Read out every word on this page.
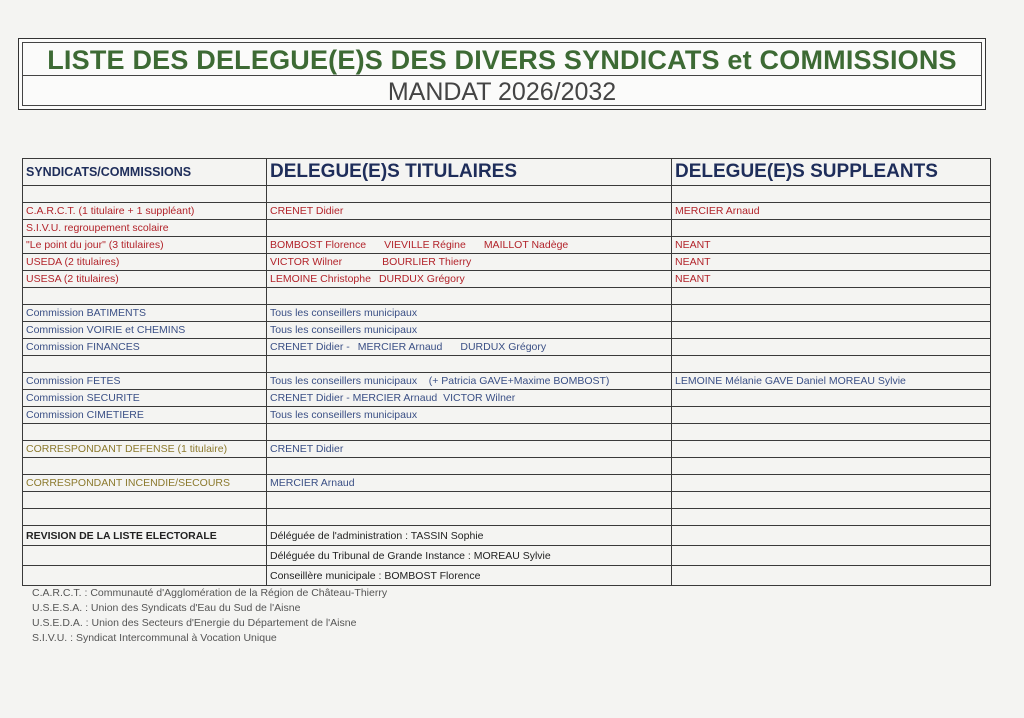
LISTE DES DELEGUE(E)S DES DIVERS SYNDICATS et COMMISSIONS
MANDAT 2026/2032
SYNDICATS/COMMISSIONS	DELEGUE(E)S TITULAIRES	DELEGUE(E)S SUPPLEANTS

C.A.R.C.T. (1 titulaire + 1 suppléant)	CRENET Didier	MERCIER Arnaud
S.I.V.U. regroupement scolaire		
"Le point du jour" (3 titulaires)	BOMBOST Florence VIEVILLE Régine MAILLOT Nadège	NEANT
USEDA (2 titulaires)	VICTOR Wilner BOURLIER Thierry	NEANT
USESA (2 titulaires)	LEMOINE Christophe DURDUX Grégory	NEANT

Commission BATIMENTS	Tous les conseillers municipaux	
Commission VOIRIE et CHEMINS	Tous les conseillers municipaux	
Commission FINANCES	CRENET Didier - MERCIER Arnaud DURDUX Grégory	

Commission FETES	Tous les conseillers municipaux    (+ Patricia GAVE+Maxime BOMBOST)	LEMOINE Mélanie GAVE Daniel MOREAU Sylvie
Commission SECURITE	CRENET Didier - MERCIER Arnaud  VICTOR Wilner	
Commission CIMETIERE	Tous les conseillers municipaux	

CORRESPONDANT DEFENSE (1 titulaire)	CRENET Didier	

CORRESPONDANT INCENDIE/SECOURS	MERCIER Arnaud	

REVISION DE LA LISTE ELECTORALE	Déléguée de l'administration : TASSIN Sophie	
	Déléguée du Tribunal de Grande Instance : MOREAU Sylvie	
	Conseillère municipale : BOMBOST Florence	
C.A.R.C.T. : Communauté d'Agglomération de la Région de Château-Thierry
U.S.E.S.A. : Union des Syndicats d'Eau du Sud de l'Aisne
U.S.E.D.A. : Union des Secteurs d'Energie du Département de l'Aisne
S.I.V.U. : Syndicat Intercommunal à Vocation Unique
